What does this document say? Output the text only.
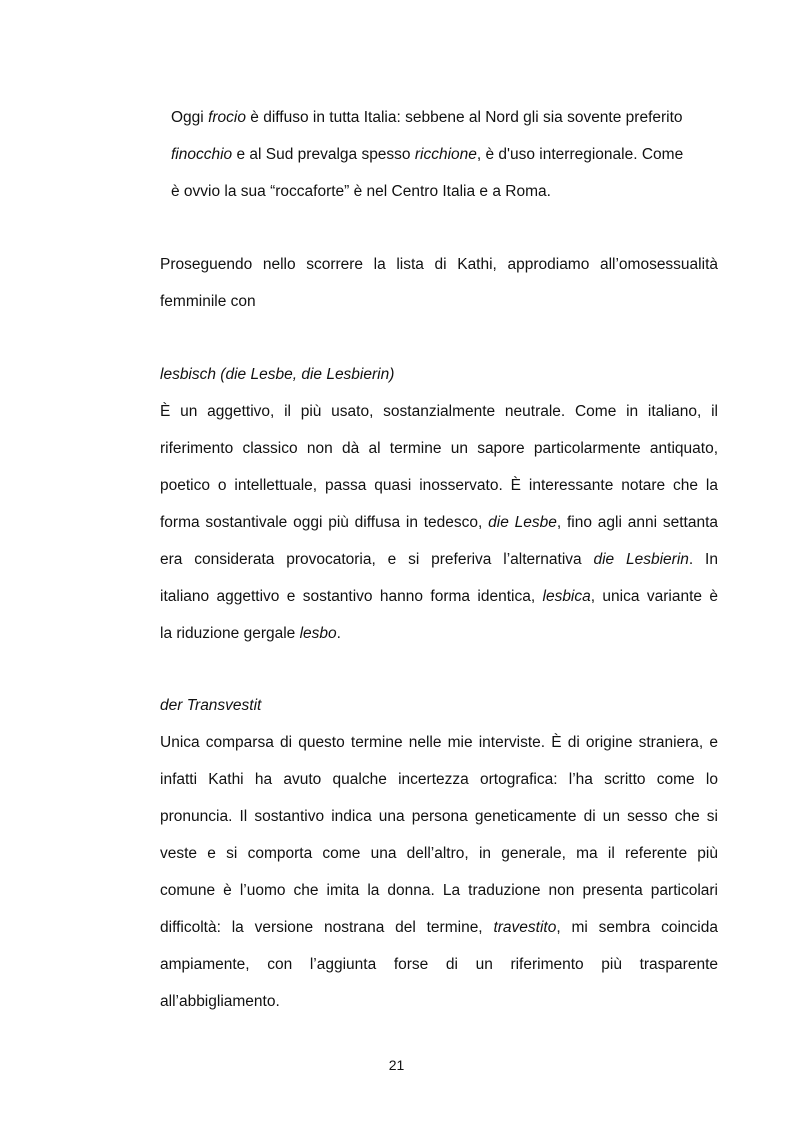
Oggi frocio è diffuso in tutta Italia: sebbene al Nord gli sia sovente preferito
finocchio e al Sud prevalga spesso ricchione, è d'uso interregionale. Come
è ovvio la sua “roccaforte” è nel Centro Italia e a Roma.
Proseguendo nello scorrere la lista di Kathi, approdiamo all’omosessualità
femminile con
lesbisch (die Lesbe, die Lesbierin)
È un aggettivo, il più usato, sostanzialmente neutrale. Come in italiano, il
riferimento classico non dà al termine un sapore particolarmente antiquato,
poetico o intellettuale, passa quasi inosservato. È interessante notare che la
forma sostantivale oggi più diffusa in tedesco, die Lesbe, fino agli anni settanta
era considerata provocatoria, e si preferiva l’alternativa die Lesbierin. In
italiano aggettivo e sostantivo hanno forma identica, lesbica, unica variante è
la riduzione gergale lesbo.
der Transvestit
Unica comparsa di questo termine nelle mie interviste. È di origine straniera, e
infatti Kathi ha avuto qualche incertezza ortografica: l’ha scritto come lo
pronuncia. Il sostantivo indica una persona geneticamente di un sesso che si
veste e si comporta come una dell’altro, in generale, ma il referente più
comune è l’uomo che imita la donna. La traduzione non presenta particolari
difficoltà: la versione nostrana del termine, travestito, mi sembra coincida
ampiamente, con l’aggiunta forse di un riferimento più trasparente
all’abbigliamento.
21
